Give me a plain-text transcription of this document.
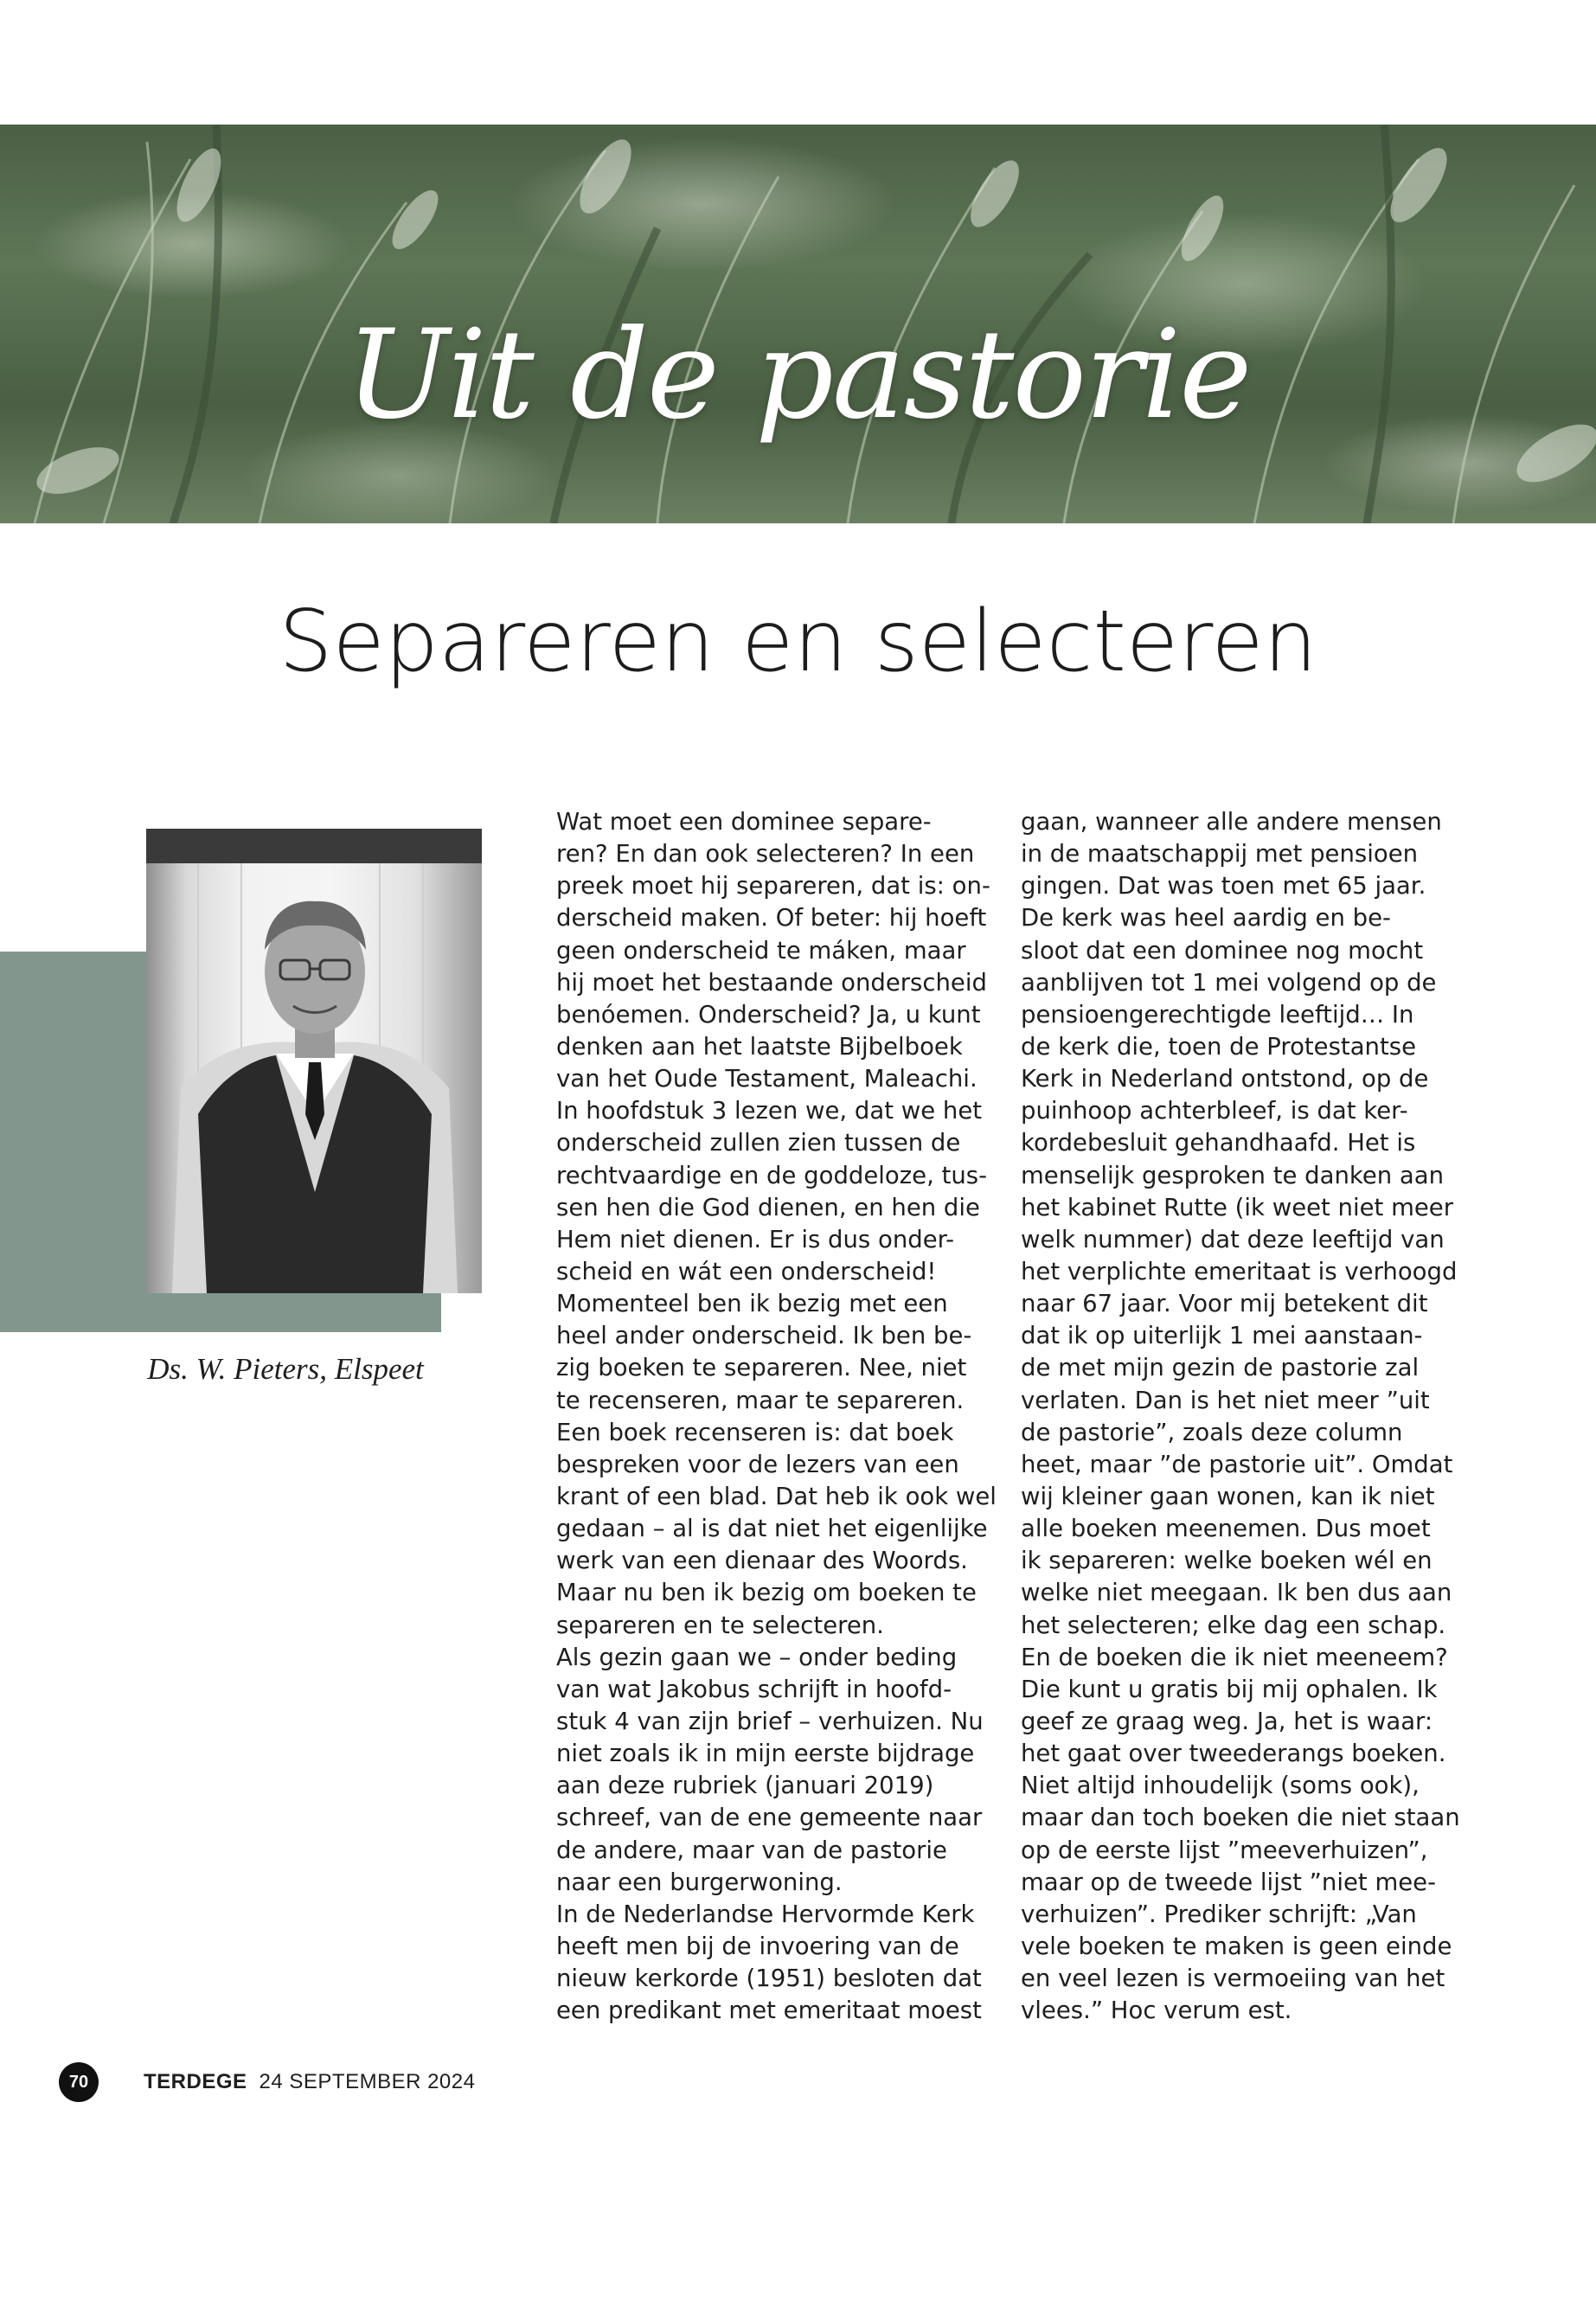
Uit de pastorie
Separeren en selecteren
Ds. W. Pieters, Elspeet
Wat moet een dominee separe-
ren? En dan ook selecteren? In een
preek moet hij separeren, dat is: on-
derscheid maken. Of beter: hij hoeft
geen onderscheid te máken, maar
hij moet het bestaande onderscheid
benóemen. Onderscheid? Ja, u kunt
denken aan het laatste Bijbelboek
van het Oude Testament, Maleachi.
In hoofdstuk 3 lezen we, dat we het
onderscheid zullen zien tussen de
rechtvaardige en de goddeloze, tus-
sen hen die God dienen, en hen die
Hem niet dienen. Er is dus onder-
scheid en wát een onderscheid!
Momenteel ben ik bezig met een
heel ander onderscheid. Ik ben be-
zig boeken te separeren. Nee, niet
te recenseren, maar te separeren.
Een boek recenseren is: dat boek
bespreken voor de lezers van een
krant of een blad. Dat heb ik ook wel
gedaan – al is dat niet het eigenlijke
werk van een dienaar des Woords.
Maar nu ben ik bezig om boeken te
separeren en te selecteren.
Als gezin gaan we – onder beding
van wat Jakobus schrijft in hoofd-
stuk 4 van zijn brief – verhuizen. Nu
niet zoals ik in mijn eerste bijdrage
aan deze rubriek (januari 2019)
schreef, van de ene gemeente naar
de andere, maar van de pastorie
naar een burgerwoning.
In de Nederlandse Hervormde Kerk
heeft men bij de invoering van de
nieuw kerkorde (1951) besloten dat
een predikant met emeritaat moest
gaan, wanneer alle andere mensen
in de maatschappij met pensioen
gingen. Dat was toen met 65 jaar.
De kerk was heel aardig en be-
sloot dat een dominee nog mocht
aanblijven tot 1 mei volgend op de
pensioengerechtigde leeftijd… In
de kerk die, toen de Protestantse
Kerk in Nederland ontstond, op de
puinhoop achterbleef, is dat ker-
kordebesluit gehandhaafd. Het is
menselijk gesproken te danken aan
het kabinet Rutte (ik weet niet meer
welk nummer) dat deze leeftijd van
het verplichte emeritaat is verhoogd
naar 67 jaar. Voor mij betekent dit
dat ik op uiterlijk 1 mei aanstaan-
de met mijn gezin de pastorie zal
verlaten. Dan is het niet meer ”uit
de pastorie”, zoals deze column
heet, maar ”de pastorie uit”. Omdat
wij kleiner gaan wonen, kan ik niet
alle boeken meenemen. Dus moet
ik separeren: welke boeken wél en
welke niet meegaan. Ik ben dus aan
het selecteren; elke dag een schap.
En de boeken die ik niet meeneem?
Die kunt u gratis bij mij ophalen. Ik
geef ze graag weg. Ja, het is waar:
het gaat over tweederangs boeken.
Niet altijd inhoudelijk (soms ook),
maar dan toch boeken die niet staan
op de eerste lijst ”meeverhuizen”,
maar op de tweede lijst ”niet mee-
verhuizen”. Prediker schrijft: „Van
vele boeken te maken is geen einde
en veel lezen is vermoeiing van het
vlees.” Hoc verum est.
70	TERDEGE 24 SEPTEMBER 2024
